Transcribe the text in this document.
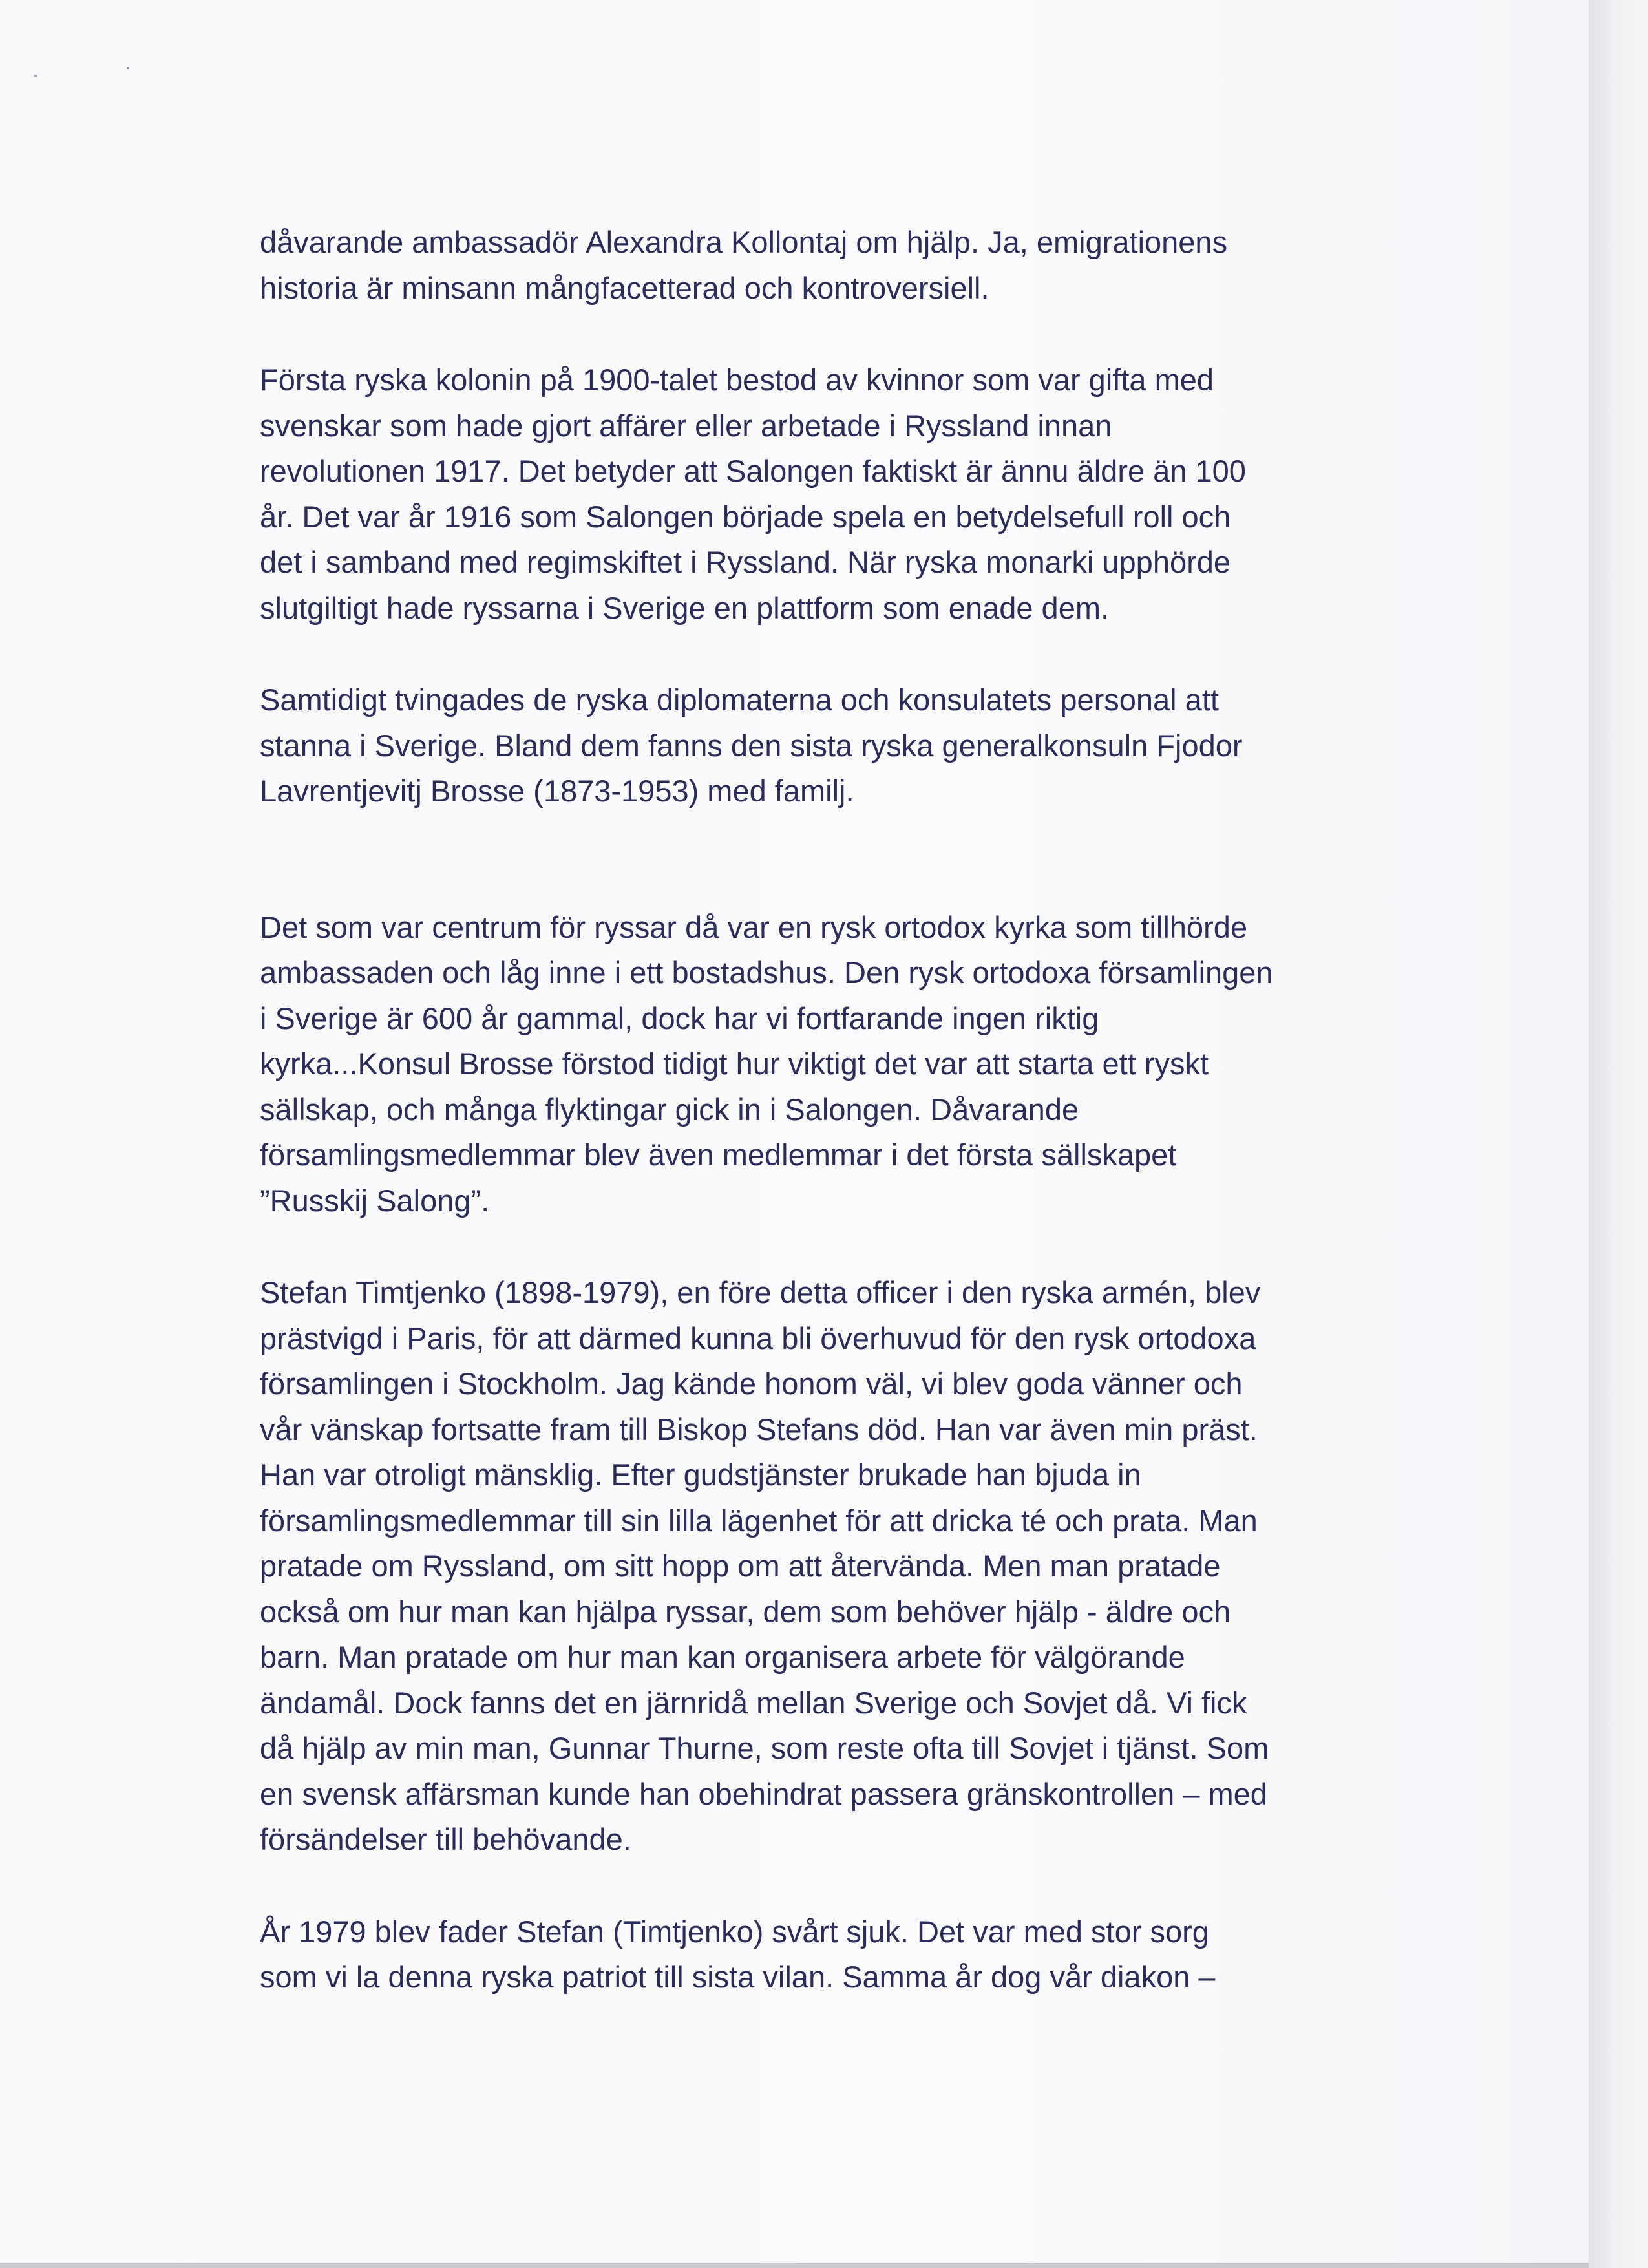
dåvarande ambassadör Alexandra Kollontaj om hjälp. Ja, emigrationens
historia är minsann mångfacetterad och kontroversiell.

Första ryska kolonin på 1900-talet bestod av kvinnor som var gifta med
svenskar som hade gjort affärer eller arbetade i Ryssland innan
revolutionen 1917. Det betyder att Salongen faktiskt är ännu äldre än 100
år. Det var år 1916 som Salongen började spela en betydelsefull roll och
det i samband med regimskiftet i Ryssland. När ryska monarki upphörde
slutgiltigt hade ryssarna i Sverige en plattform som enade dem.

Samtidigt tvingades de ryska diplomaterna och konsulatets personal att
stanna i Sverige. Bland dem fanns den sista ryska generalkonsuln Fjodor
Lavrentjevitj Brosse (1873-1953) med familj.

Det som var centrum för ryssar då var en rysk ortodox kyrka som tillhörde
ambassaden och låg inne i ett bostadshus. Den rysk ortodoxa församlingen
i Sverige är 600 år gammal, dock har vi fortfarande ingen riktig
kyrka...Konsul Brosse förstod tidigt hur viktigt det var att starta ett ryskt
sällskap, och många flyktingar gick in i Salongen. Dåvarande
församlingsmedlemmar blev även medlemmar i det första sällskapet
”Russkij Salong”.

Stefan Timtjenko (1898-1979), en före detta officer i den ryska armén, blev
prästvigd i Paris, för att därmed kunna bli överhuvud för den rysk ortodoxa
församlingen i Stockholm. Jag kände honom väl, vi blev goda vänner och
vår vänskap fortsatte fram till Biskop Stefans död. Han var även min präst.
Han var otroligt mänsklig. Efter gudstjänster brukade han bjuda in
församlingsmedlemmar till sin lilla lägenhet för att dricka té och prata. Man
pratade om Ryssland, om sitt hopp om att återvända. Men man pratade
också om hur man kan hjälpa ryssar, dem som behöver hjälp - äldre och
barn. Man pratade om hur man kan organisera arbete för välgörande
ändamål. Dock fanns det en järnridå mellan Sverige och Sovjet då. Vi fick
då hjälp av min man, Gunnar Thurne, som reste ofta till Sovjet i tjänst. Som
en svensk affärsman kunde han obehindrat passera gränskontrollen – med
försändelser till behövande.

År 1979 blev fader Stefan (Timtjenko) svårt sjuk. Det var med stor sorg
som vi la denna ryska patriot till sista vilan. Samma år dog vår diakon –
